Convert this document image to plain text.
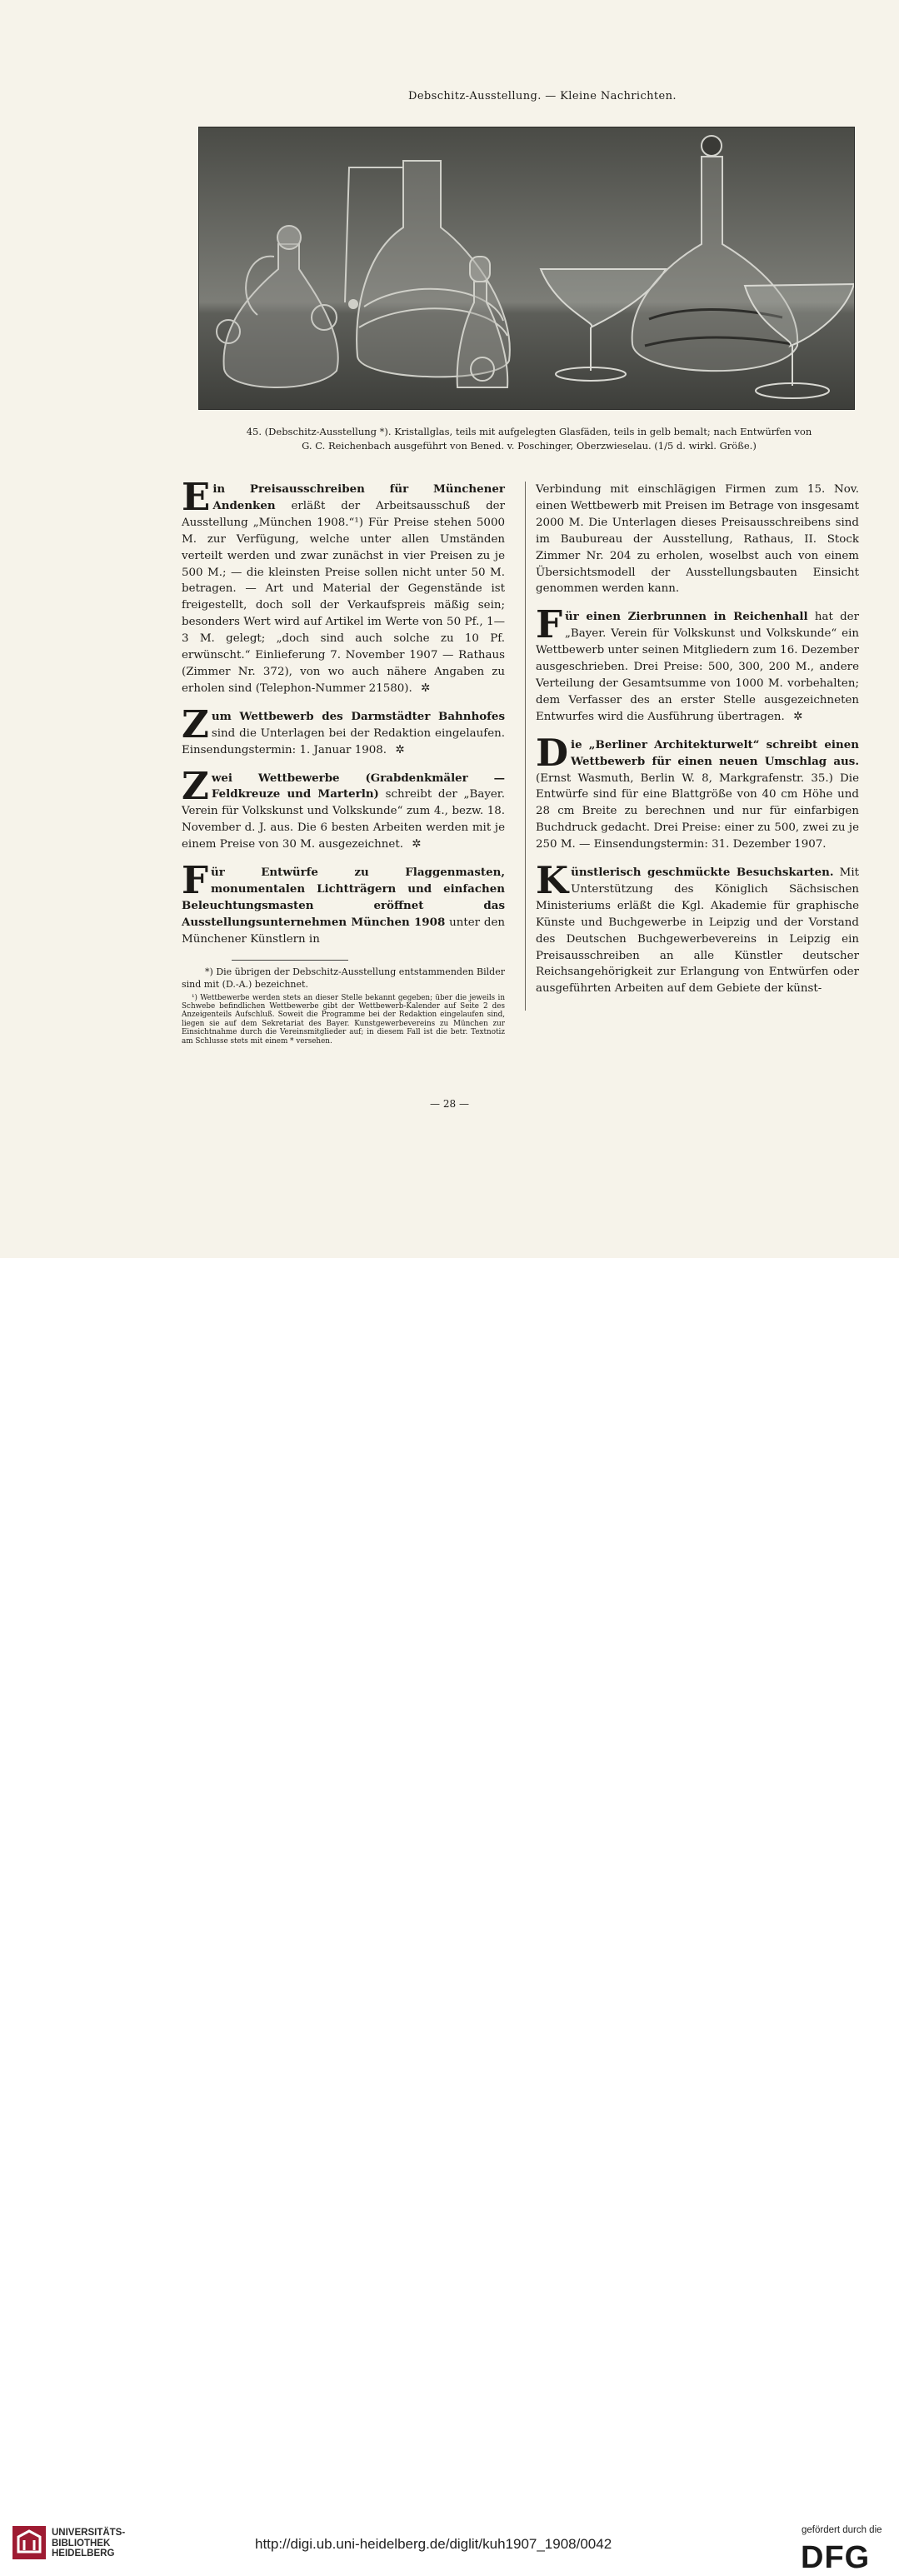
Debschitz-Ausstellung. — Kleine Nachrichten.
45. (Debschitz-Ausstellung *). Kristallglas, teils mit aufgelegten Glasfäden, teils in gelb bemalt; nach Entwürfen von
G. C. Reichenbach ausgeführt von Bened. v. Poschinger, Oberzwieselau. (1/5 d. wirkl. Größe.)

E in Preisausschreiben für Münchener Andenken erläßt der Arbeitsausschuß der Ausstellung „München 1908.“¹) Für Preise stehen 5000 M. zur Verfügung, welche unter allen Umständen verteilt werden und zwar zunächst in vier Preisen zu je 500 M.; — die kleinsten Preise sollen nicht unter 50 M. betragen. — Art und Material der Gegenstände ist freigestellt, doch soll der Verkaufspreis mäßig sein; besonders Wert wird auf Artikel im Werte von 50 Pf., 1—3 M. gelegt; „doch sind auch solche zu 10 Pf. erwünscht.“ Einlieferung 7. November 1907 — Rathaus (Zimmer Nr. 372), von wo auch nähere Angaben zu erholen sind (Telephon-Nummer 21580). ✲

Z um Wettbewerb des Darmstädter Bahnhofes sind die Unterlagen bei der Redaktion eingelaufen. Einsendungstermin: 1. Januar 1908. ✲

Z wei Wettbewerbe (Grabdenkmäler — Feldkreuze und Marterln) schreibt der „Bayer. Verein für Volkskunst und Volkskunde“ zum 4., bezw. 18. November d. J. aus. Die 6 besten Arbeiten werden mit je einem Preise von 30 M. ausgezeichnet. ✲

F ür Entwürfe zu Flaggenmasten, monumentalen Lichtträgern und einfachen Beleuchtungsmasten eröffnet das Ausstellungsunternehmen München 1908 unter den Münchener Künstlern in

*) Die übrigen der Debschitz-Ausstellung entstammenden Bilder sind mit (D.-A.) bezeichnet.

¹) Wettbewerbe werden stets an dieser Stelle bekannt gegeben; über die jeweils in Schwebe befindlichen Wettbewerbe gibt der Wettbewerb-Kalender auf Seite 2 des Anzeigenteils Aufschluß. Soweit die Programme bei der Redaktion eingelaufen sind, liegen sie auf dem Sekretariat des Bayer. Kunstgewerbevereins zu München zur Einsichtnahme durch die Vereinsmitglieder auf; in diesem Fall ist die betr. Textnotiz am Schlusse stets mit einem * versehen.

Verbindung mit einschlägigen Firmen zum 15. Nov. einen Wettbewerb mit Preisen im Betrage von insgesamt 2000 M. Die Unterlagen dieses Preisausschreibens sind im Baubureau der Ausstellung, Rathaus, II. Stock Zimmer Nr. 204 zu erholen, woselbst auch von einem Übersichtsmodell der Ausstellungsbauten Einsicht genommen werden kann.

F ür einen Zierbrunnen in Reichenhall hat der „Bayer. Verein für Volkskunst und Volkskunde“ ein Wettbewerb unter seinen Mitgliedern zum 16. Dezember ausgeschrieben. Drei Preise: 500, 300, 200 M., andere Verteilung der Gesamtsumme von 1000 M. vorbehalten; dem Verfasser des an erster Stelle ausgezeichneten Entwurfes wird die Ausführung übertragen. ✲

D ie „Berliner Architekturwelt“ schreibt einen Wettbewerb für einen neuen Umschlag aus. (Ernst Wasmuth, Berlin W. 8, Markgrafenstr. 35.) Die Entwürfe sind für eine Blattgröße von 40 cm Höhe und 28 cm Breite zu berechnen und nur für einfarbigen Buchdruck gedacht. Drei Preise: einer zu 500, zwei zu je 250 M. — Einsendungstermin: 31. Dezember 1907.

K ünstlerisch geschmückte Besuchskarten. Mit Unterstützung des Königlich Sächsischen Ministeriums erläßt die Kgl. Akademie für graphische Künste und Buchgewerbe in Leipzig und der Vorstand des Deutschen Buchgewerbevereins in Leipzig ein Preisausschreiben an alle Künstler deutscher Reichsangehörigkeit zur Erlangung von Entwürfen oder ausgeführten Arbeiten auf dem Gebiete der künst-

— 28 —
UNIVERSITÄTS-
BIBLIOTHEK
HEIDELBERG
http://digi.ub.uni-heidelberg.de/diglit/kuh1907_1908/0042
gefördert durch die
DFG
